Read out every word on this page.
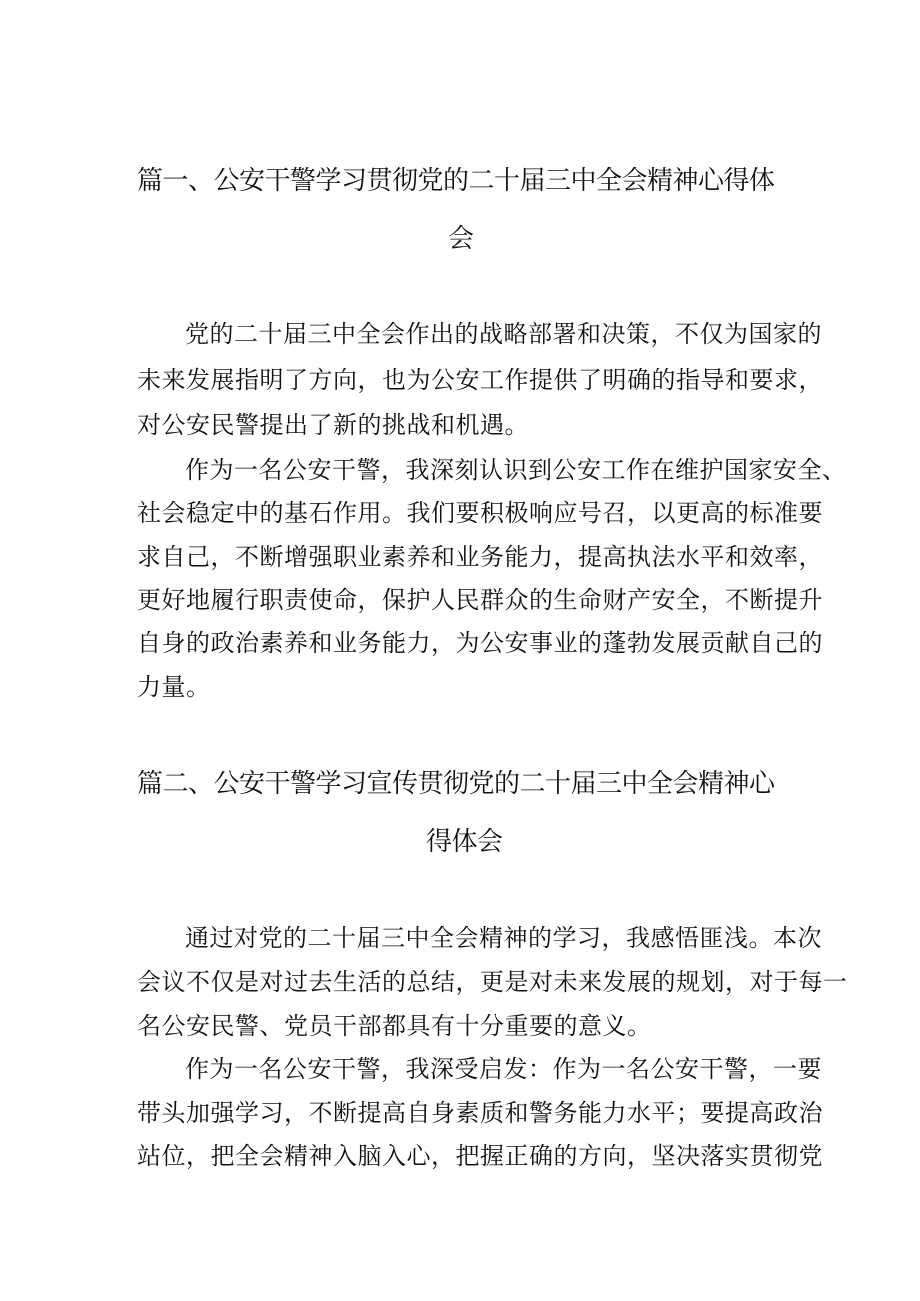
篇一、公安干警学习贯彻党的二十届三中全会精神心得体
会

党的二十届三中全会作出的战略部署和决策，不仅为国家的

未来发展指明了方向，也为公安工作提供了明确的指导和要求，

对公安民警提出了新的挑战和机遇。

作为一名公安干警，我深刻认识到公安工作在维护国家安全、

社会稳定中的基石作用。我们要积极响应号召，以更高的标准要

求自己，不断增强职业素养和业务能力，提高执法水平和效率，

更好地履行职责使命，保护人民群众的生命财产安全，不断提升

自身的政治素养和业务能力，为公安事业的蓬勃发展贡献自己的

力量。

篇二、公安干警学习宣传贯彻党的二十届三中全会精神心
得体会

通过对党的二十届三中全会精神的学习，我感悟匪浅。本次

会议不仅是对过去生活的总结，更是对未来发展的规划，对于每一

名公安民警、党员干部都具有十分重要的意义。

作为一名公安干警，我深受启发：作为一名公安干警，一要

带头加强学习，不断提高自身素质和警务能力水平；要提高政治

站位，把全会精神入脑入心，把握正确的方向，坚决落实贯彻党
